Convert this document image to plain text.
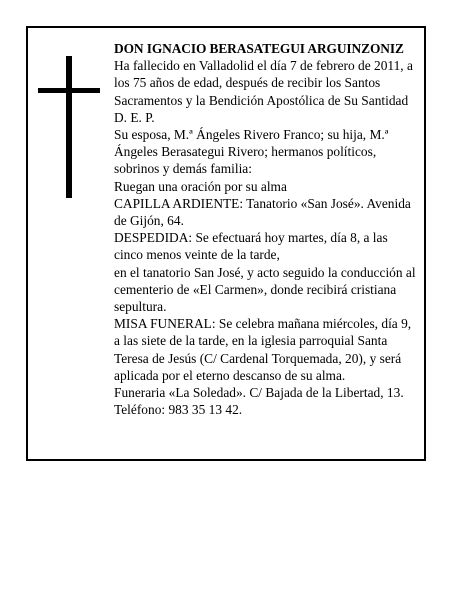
DON IGNACIO BERASATEGUI ARGUINZONIZ

Ha fallecido en Valladolid el día 7 de febrero de 2011, a los 75 años de edad, después de recibir los Santos Sacramentos y la Bendición Apostólica de Su Santidad

D. E. P.

Su esposa, M.ª Ángeles Rivero Franco; su hija, M.ª Ángeles Berasategui Rivero; hermanos políticos, sobrinos y demás familia:

Ruegan una oración por su alma

CAPILLA ARDIENTE: Tanatorio «San José». Avenida de Gijón, 64.

DESPEDIDA: Se efectuará hoy martes, día 8, a las cinco menos veinte de la tarde,

en el tanatorio San José, y acto seguido la conducción al cementerio de «El Carmen», donde recibirá cristiana sepultura.

MISA FUNERAL: Se celebra mañana miércoles, día 9, a las siete de la tarde, en la iglesia parroquial Santa Teresa de Jesús (C/ Cardenal Torquemada, 20), y será aplicada por el eterno descanso de su alma.

Funeraria «La Soledad». C/ Bajada de la Libertad, 13.

Teléfono: 983 35 13 42.
